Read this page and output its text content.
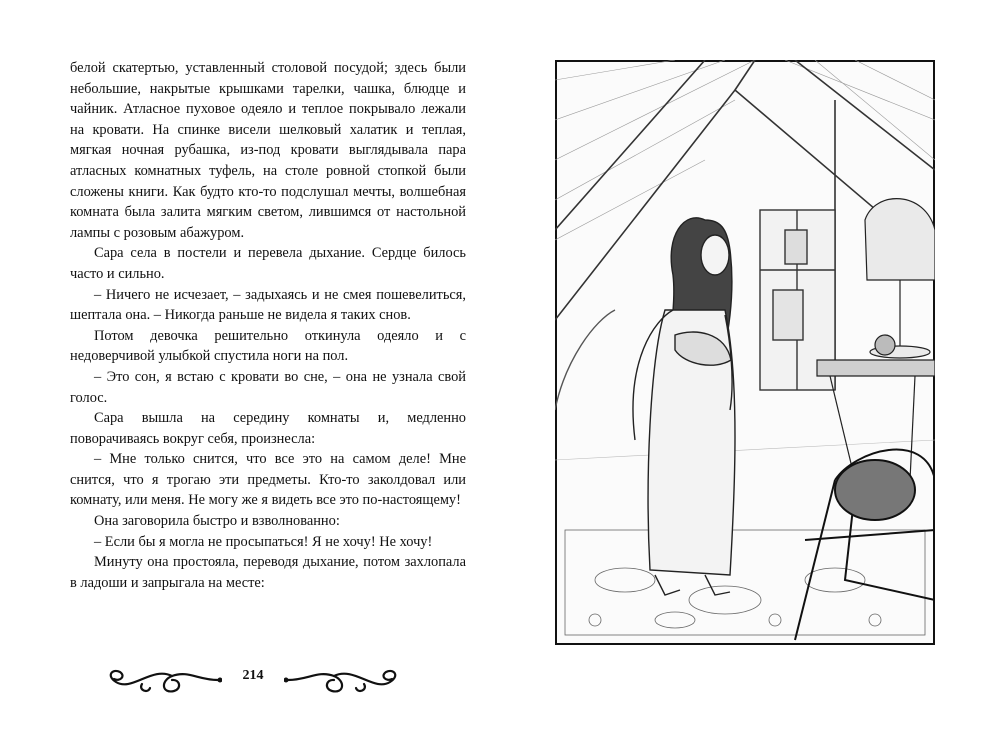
белой скатертью, уставленный столовой посудой; здесь были небольшие, накрытые крышками тарелки, чашка, блюдце и чайник. Атласное пуховое одеяло и теплое покрывало лежали на кровати. На спинке висели шелковый халатик и теплая, мягкая ночная рубашка, из-под кровати выглядывала пара атласных комнатных туфель, на столе ровной стопкой были сложены книги. Как будто кто-то подслушал мечты, волшебная комната была залита мягким светом, лившимся от настольной лампы с розовым абажуром.

Сара села в постели и перевела дыхание. Сердце билось часто и сильно.

– Ничего не исчезает, – задыхаясь и не смея пошевелиться, шептала она. – Никогда раньше не видела я таких снов.

Потом девочка решительно откинула одеяло и с недоверчивой улыбкой спустила ноги на пол.

– Это сон, я встаю с кровати во сне, – она не узнала свой голос.

Сара вышла на середину комнаты и, медленно поворачиваясь вокруг себя, произнесла:

– Мне только снится, что все это на самом деле! Мне снится, что я трогаю эти предметы. Кто-то заколдовал или комнату, или меня. Не могу же я видеть все это по-настоящему!

Она заговорила быстро и взволнованно:

– Если бы я могла не просыпаться! Я не хочу! Не хочу!

Минуту она простояла, переводя дыхание, потом захлопала в ладоши и запрыгала на месте:

214
